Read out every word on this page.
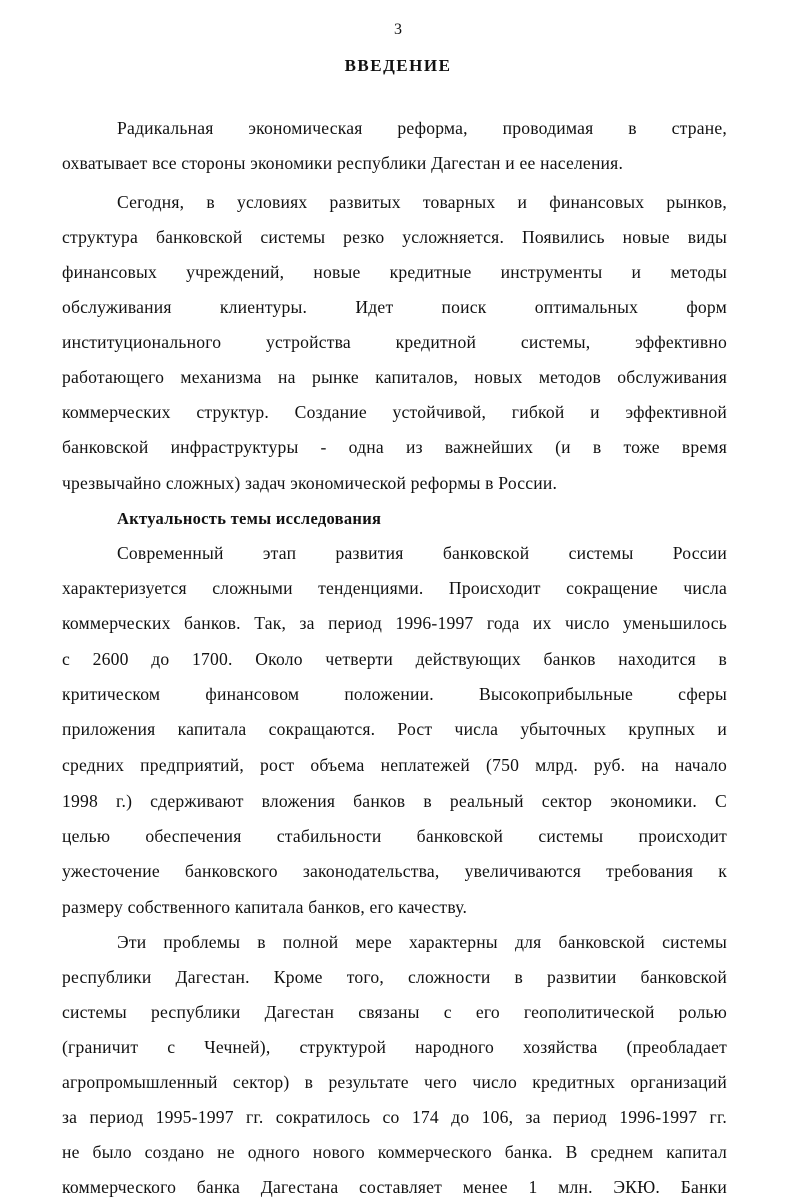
3
ВВЕДЕНИЕ
Радикальная экономическая реформа, проводимая в стране,
охватывает все стороны экономики республики Дагестан и ее населения.
Сегодня, в условиях развитых товарных и финансовых рынков,
структура банковской системы резко усложняется. Появились новые виды
финансовых учреждений, новые кредитные инструменты и методы
обслуживания клиентуры. Идет поиск оптимальных форм
институционального устройства кредитной системы, эффективно
работающего механизма на рынке капиталов, новых методов обслуживания
коммерческих структур. Создание устойчивой, гибкой и эффективной
банковской инфраструктуры - одна из важнейших (и в тоже время
чрезвычайно сложных) задач экономической реформы в России.
Актуальность темы исследования
Современный этап развития банковской системы России
характеризуется сложными тенденциями. Происходит сокращение числа
коммерческих банков. Так, за период 1996-1997 года их число уменьшилось
с 2600 до 1700. Около четверти действующих банков находится в
критическом финансовом положении. Высокоприбыльные сферы
приложения капитала сокращаются. Рост числа убыточных крупных и
средних предприятий, рост объема неплатежей (750 млрд. руб. на начало
1998 г.) сдерживают вложения банков в реальный сектор экономики. С
целью обеспечения стабильности банковской системы происходит
ужесточение банковского законодательства, увеличиваются требования к
размеру собственного капитала банков, его качеству.
Эти проблемы в полной мере характерны для банковской системы
республики Дагестан. Кроме того, сложности в развитии банковской
системы республики Дагестан связаны с его геополитической ролью
(граничит с Чечней), структурой народного хозяйства (преобладает
агропромышленный сектор) в результате чего число кредитных организаций
за период 1995-1997 гг. сократилось со 174 до 106, за период 1996-1997 гг.
не было создано не одного нового коммерческого банка. В среднем капитал
коммерческого банка Дагестана составляет менее 1 млн. ЭКЮ. Банки
